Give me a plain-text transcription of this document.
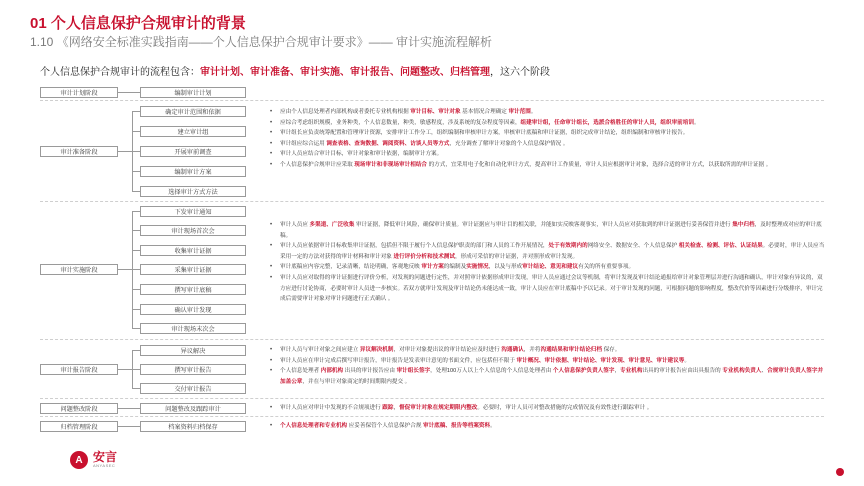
01 个人信息保护合规审计的背景
1.10 《网络安全标准实践指南——个人信息保护合规审计要求》—— 审计实施流程解析
个人信息保护合规审计的流程包含：审计计划、审计准备、审计实施、审计报告、问题整改、归档管理，这六个阶段
审计计划阶段
审计准备阶段
审计实施阶段
审计报告阶段
问题整改阶段
归档管理阶段
编制审计计划
确定审计范围和依据
建立审计组
开展审前调查
编制审计方案
选择审计方式方法
下发审计通知
审计现场首次会
收集审计证据
采集审计证据
撰写审计底稿
确认审计发现
审计现场末次会
异议解决
撰写审计报告
交付审计报告
问题整改及跟踪审计
档案资料归档保存
• 应由个人信息处理者内部机构或者委托专业机构根据 审计目标、审计对象 基本情况合理确定 审计范围。
• 应综合考虑组织规模，业务种类，个人信息数量，种类，敏感程度，涉及系统的复杂程度等因素，组建审计组，任命审计组长，选派合格胜任的审计人员，组织审前培训。
• 审计组长应负责统筹配置和管理审计资源，安排审计工作分工，组织编制和审核审计方案，审核审计底稿和审计证据，组织完成审计结论，组织编制和审核审计报告。
• 审计组应综合运用 调查表格、查询数据、调阅资料、访谈人员等方式，充分调查了解审计对象的个人信息保护情况 。
• 审计人员应结合审计目标，审计对象和审计依据，编制审计方案。
• 个人信息保护合规审计应采取 现场审计和非现场审计相结合 的方式，宜采用电子化和自动化审计方式，提高审计工作质量，审计人员应根据审计对象，选择合适的审计方式，以获取所需的审计证据 。
• 审计人员应 多渠道、广泛收集 审计证据，降低审计风险，确保审计质量。审计证据应与审计目的相关联，并能如实反映客观事实，审计人员应对获取到的审计证据进行妥善保管并进行 集中归档，及时整理成对应的审计底稿。
• 审计人员应依据审计目标收集审计证据，包括但不限于履行个人信息保护职责的部门和人员的工作开展情况，处于有效期内的网络安全、数据安全、个人信息保护 相关检查、检测、评估、认证结果。必要时，审计人员应当采用一定的方法对获得的审计材料和审计对象 进行评价分析和技术测试，形成可采信的审计证据，并对照形成审计发现。
• 审计底稿应内容完整，记录清晰，结论明确，客观地反映 审计方案的编制及实施情况，以及与形成审计结论、意见和建议有关的所有重要事项。
• 审计人员应对取得的审计证据进行评价分析，对发现的问题进行定性，并对照审计依据形成审计发现，审计人员应通过会议等机制，将审计发现及审计结论通报给审计对象管理层并进行沟通和确认，审计对象有异议的，双方应进行讨论协商，必要时审计人员进一步核实。若双方就审计发现及审计结论仍未能达成一致，审计人员应在审计底稿中予以记录。对于审计发现的问题，可根据问题的影响程度，整改代价等因素进行分级排序，审计完成后需要审计对象对审计问题进行正式确认 。
• 审计人员与审计对象之间应建立 异议解决机制，对审计对象提出议的审计结论应及时进行 沟通确认，并将沟通结果和审计结论归档 保存。
• 审计人员应在审计完成后撰写审计报告，审计报告是发表审计意见的书面文件，应包括但不限于 审计概况、审计依据、审计结论、审计发现、审计意见、审计建议等。
• 个人信息处理者 内部机构 出具的审计报告应由 审计组长签字，处理100万人以上个人信息的个人信息处理者由 个人信息保护负责人签字，专业机构出具的审计报告应由出具报告的 专业机构负责人、合规审计负责人签字并加盖公章，并在与审计对象商定的时间期限内提交 。
• 审计人员应对审计中发现的不合规项进行 跟踪，督促审计对象在规定期限内整改。必要时，审计人员可对整改措施的完成情况及有效性进行跟踪审计 。
• 个人信息处理者和专业机构 应妥善保管个人信息保护合规 审计底稿、报告等档案资料。
A 安言
ANYASEC
